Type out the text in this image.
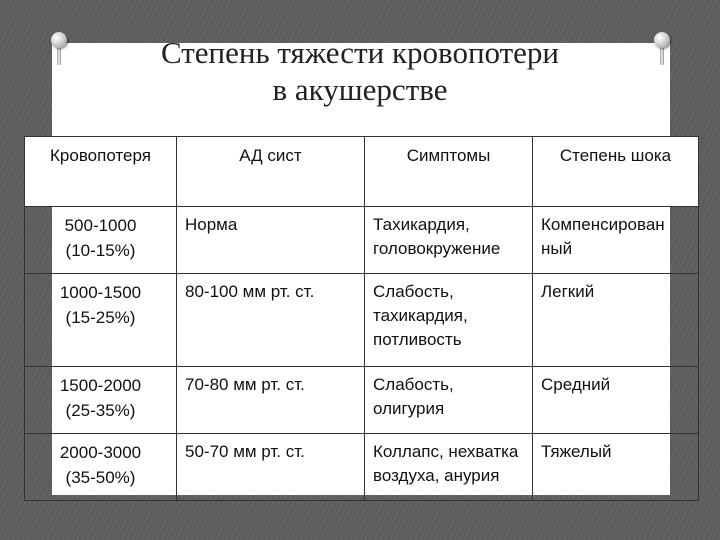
Степень тяжести кровопотери
в акушерстве
Кровопотеря	АД сист	Симптомы	Степень шока

500-1000
(10-15%)	Норма	Тахикардия, головокружение	Компенсирован ный

1000-1500
(15-25%)	80-100 мм рт. ст.	Слабость, тахикардия, потливость	Легкий

1500-2000
(25-35%)	70-80 мм рт. ст.	Слабость, олигурия	Средний

2000-3000
(35-50%)	50-70 мм рт. ст.	Коллапс, нехватка воздуха, анурия	Тяжелый
